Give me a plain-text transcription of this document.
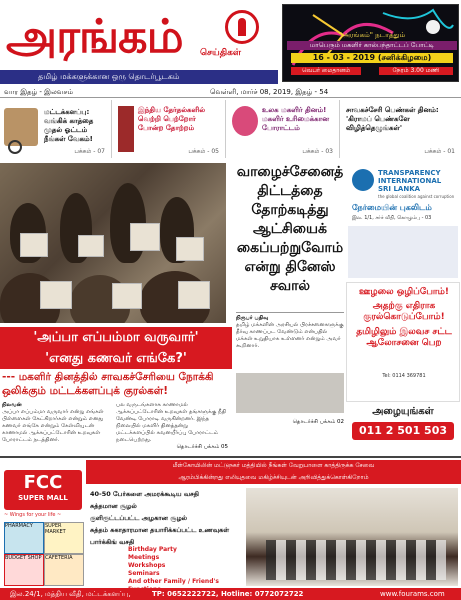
அரங்கம்	செய்திகள்
தமிழ் மக்களுக்கான ஒரு தொடர்பூடகம்
"அரங்கம்" நடாத்தும்
மாபெரும் மகளிர் கால்பந்தாட்டப் போட்டி
16 - 03 - 2019 (சனிக்கிழமை)
வெபர் மைதானம்	நேரம் 3.00 மணி
வார இதழ் - இலவசம்	வெள்ளி, மார்ச் 08, 2019, இதழ் - 54
மட்டக்களப்பு: வங்கிக் காத்தை முதல் ஓட்டம் நீங்கள் வேகம்!
பக்கம் - 07
இந்திய தேர்தல்களில் வெற்றி பெற்றோர் போன்ற தோற்றம்
பக்கம் - 05
உலக மகளிர் தினம்! மகளிர் உரிமைக்கான போராட்டம்
பக்கம் - 03
சாவகச்சேரி பெண்கள் தினம்: 'கிராமப் பெண்களே விழித்தெழுங்கள்'
பக்கம் - 01
'அப்பா எப்பம்மா வருவார்'
'எனது கணவர் எங்கே?'
--- மகளிர் தினத்தில் சாவகச்சேரியை நோக்கி ஒலிக்கும் மட்டக்களப்புக் குரல்கள்!
நிலவன்
அப்பா எப்பம்மா வருவார் என்று எங்கள் பிள்ளைகள் கேட்கிறார்கள் என்றும் எனது கணவர் எங்கே என்றும் கேள்வியுடன் காணாமல் ஆக்கப்பட்டோரின் உறவுகள் போராட்டம் நடத்தினர்.
பல வருடங்களாக காணாமல் ஆக்கப்பட்டோரின் உறவுகள் தங்களுக்கு நீதி வேண்டி போராடி வருகின்றனர். இந்த நிலையில் மகளிர் தினத்தன்று மட்டக்களப்பில் கவனயீர்ப்பு போராட்டம் நடைபெற்றது.
தொடர்ச்சி பக்கம் 05
வாழைச்சேனைத் திட்டத்தை தோற்கடித்து ஆட்சியைக் கைப்பற்றுவோம் என்று தினேஸ் சவால்
நிருபர் பதிவு
தமிழ் மக்களின் அரசியல் பிரச்சனைகளுக்கு தீர்வு காணப்பட வேண்டும் என்பதில் மக்கள் உறுதியாக உள்ளனர் என்றும் அவர் கூறினார்.
தொடர்ச்சி பக்கம் 02
TRANSPARENCY INTERNATIONAL
SRI LANKA
the global coalition against corruption
நேர்மையின் புகலிடம்
இல. 1/1, சர்ச் வீதி, கொழும்பு - 03
ஊழலை ஒழிப்போம்!
அதற்கு எதிராக குரல்கொடுப்போம்!
தமிழிலும் இலவச சட்ட ஆலோசனை பெற
Tel: 0114 369781
அழையுங்கள்
011 2 501 503
FCC
SUPER MALL
~ Wings for your life ~
PHARMACY	SUPER MARKET
BUDGET SHOP CAFETERIA
மீள்கோயிலின் மட்டுநகர் மத்தியில் நீங்கள் வேறுபாளை காத்திருக்க சேவை
ஆரம்பிக்கின்றது எலியுதவை மகிழ்ச்சியுடன் அறிவித்துக்கொள்கிறோம்
40-50 பேர்களை அமரக்கூடிய வசதி
சுத்தமான சூழல்
குளிரூட்டப்பட்ட அழகான சூழல்
சுத்தம் சுகாதாரமான தயாரிக்கப்பட்ட உணவுகள்
பார்க்கிங் வசதி
Birthday Party
Meetings
Workshops
Seminars
And other Family / Friend's
இல.24/1, மத்திய வீதி, மட்டக்களப்பு,	TP: 0652222722, Hotline: 0772072722	www.fourams.com
